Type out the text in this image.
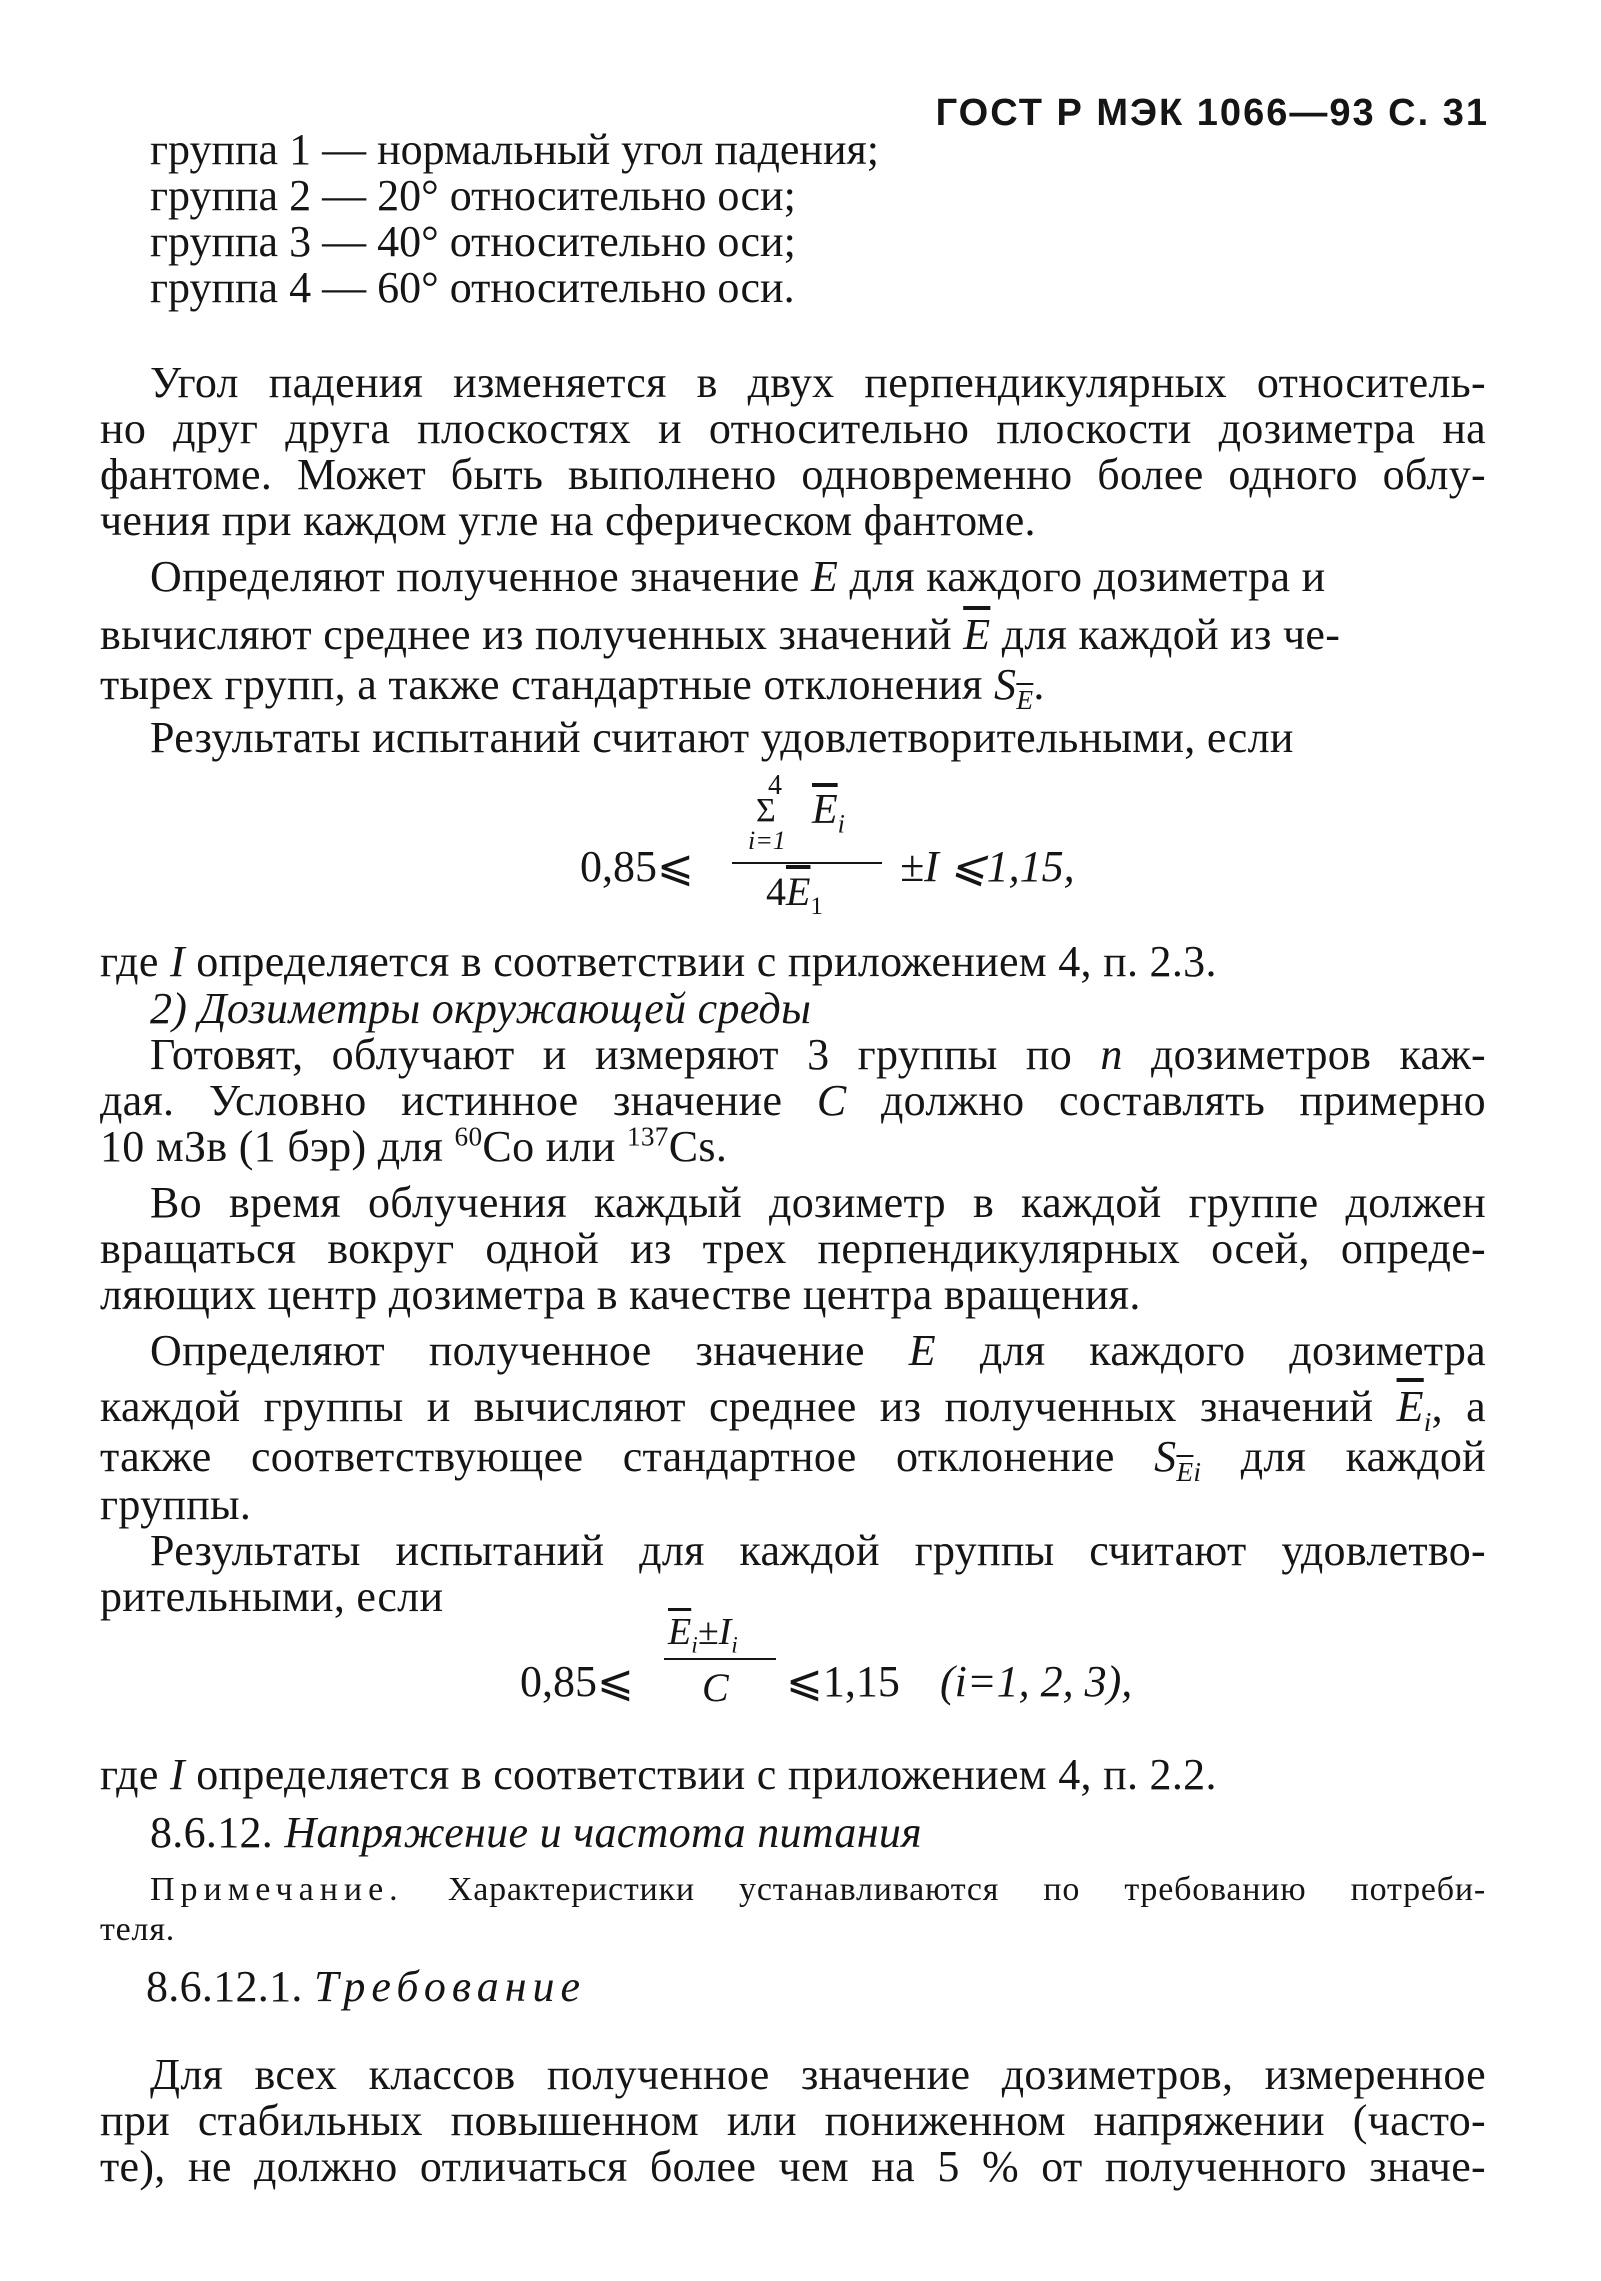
ГОСТ Р МЭК 1066—93 С. 31
группа 1 — нормальный угол падения;
группа 2 — 20° относительно оси;
группа 3 — 40° относительно оси;
группа 4 — 60° относительно оси.
Угол падения изменяется в двух перпендикулярных относитель-
но друг друга плоскостях и относительно плоскости дозиметра на
фантоме. Может быть выполнено одновременно более одного облу-
чения при каждом угле на сферическом фантоме.
Определяют полученное значение E для каждого дозиметра и
вычисляют среднее из полученных значений $\overline{E}$ для каждой из че-
тырех групп, а также стандартные отклонения $S_{\overline{E}}$.
Результаты испытаний считают удовлетворительными, если
0,85⩽
4
Σ $\overline{E}_i$
i=1
$4\overline{E}_1$
±I ⩽1,15,
где I определяется в соответствии с приложением 4, п. 2.3.
2) Дозиметры окружающей среды
Готовят, облучают и измеряют 3 группы по n дозиметров каж-
дая. Условно истинное значение C должно составлять примерно
10 мЗв (1 бэр) для $^{60}$Co или $^{137}$Cs.
Во время облучения каждый дозиметр в каждой группе должен
вращаться вокруг одной из трех перпендикулярных осей, опреде-
ляющих центр дозиметра в качестве центра вращения.
Определяют полученное значение E для каждого дозиметра
каждой группы и вычисляют среднее из полученных значений $\overline{E}_i$, а
также соответствующее стандартное отклонение $S_{\overline{E}i}$ для каждой
группы.
Результаты испытаний для каждой группы считают удовлетво-
рительными, если
0,85⩽
$\overline{E}_i\pm I_i$
C ⩽1,15 (i=1, 2, 3),
где I определяется в соответствии с приложением 4, п. 2.2.
8.6.12. Напряжение и частота питания
Примечание. Характеристики устанавливаются по требованию потреби-
теля.
8.6.12.1. Требование
Для всех классов полученное значение дозиметров, измеренное
при стабильных повышенном или пониженном напряжении (часто-
те), не должно отличаться более чем на 5 % от полученного значе-
